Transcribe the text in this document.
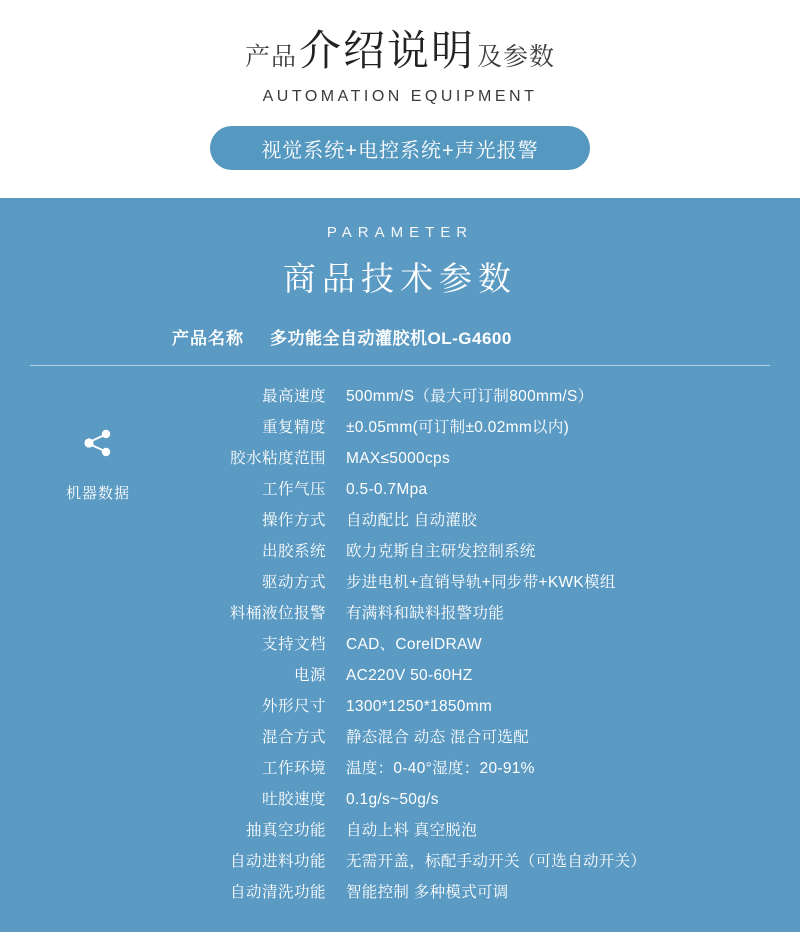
产品 介绍说明 及参数
AUTOMATION EQUIPMENT
视觉系统+电控系统+声光报警
PARAMETER
商品技术参数
产品名称	多功能全自动灌胶机OL-G4600
机器数据
最高速度	500mm/S（最大可订制800mm/S）
重复精度	±0.05mm(可订制±0.02mm以内)
胶水粘度范围	MAX≤5000cps
工作气压	0.5-0.7Mpa
操作方式	自动配比 自动灌胶
出胶系统	欧力克斯自主研发控制系统
驱动方式	步进电机+直销导轨+同步带+KWK模组
料桶液位报警	有满料和缺料报警功能
支持文档	CAD、CorelDRAW
电源	AC220V 50-60HZ
外形尺寸	1300*1250*1850mm
混合方式	静态混合 动态 混合可选配
工作环境	温度：0-40°湿度：20-91%
吐胶速度	0.1g/s~50g/s
抽真空功能	自动上料 真空脱泡
自动进料功能	无需开盖，标配手动开关（可选自动开关）
自动清洗功能	智能控制 多种模式可调
